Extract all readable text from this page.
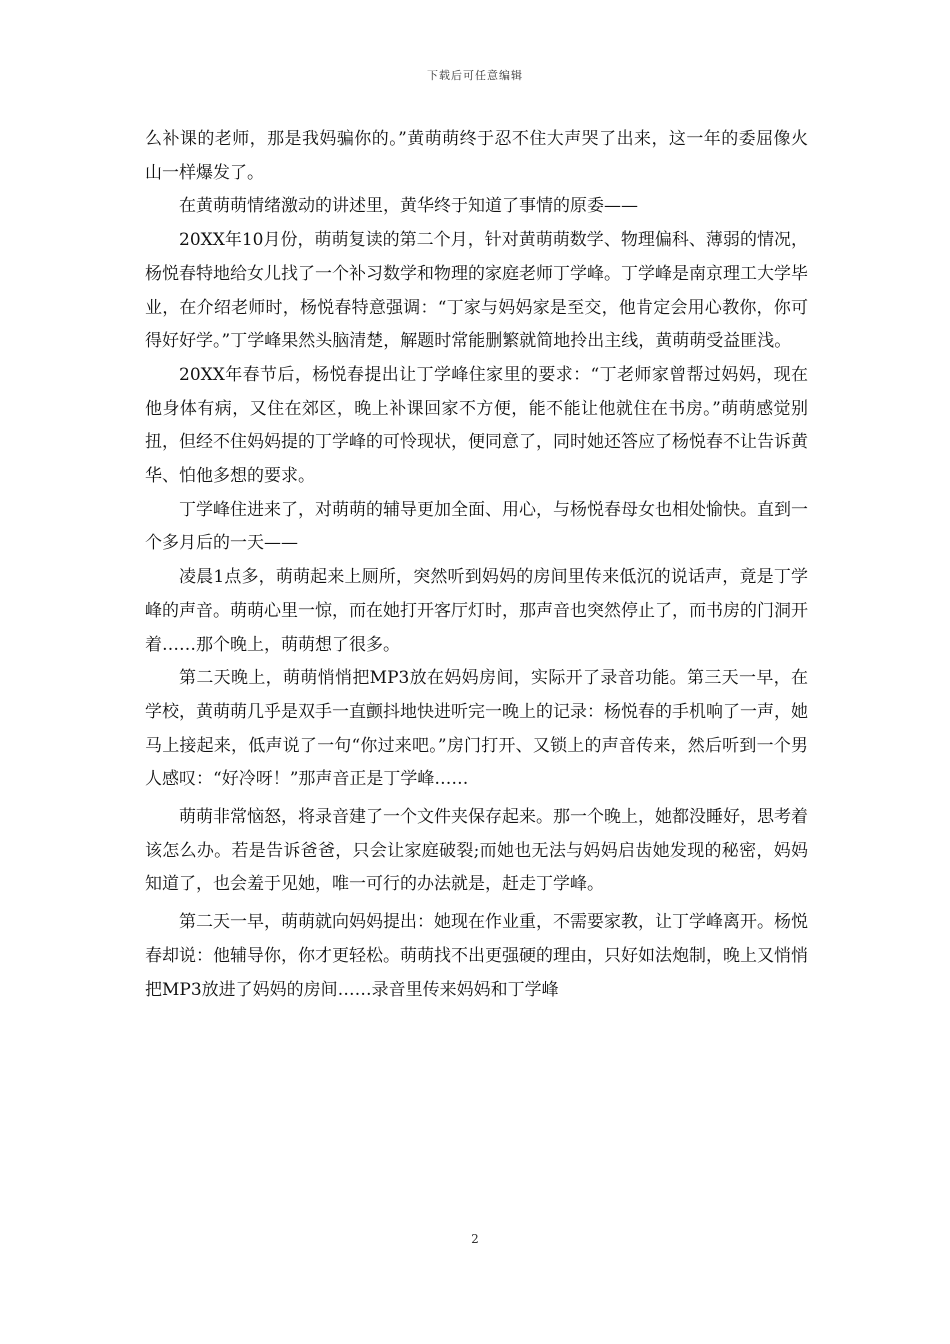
下载后可任意编辑

么补课的老师，那是我妈骗你的。”黄萌萌终于忍不住大声哭了出来，这一年的委屈像火山一样爆发了。

在黄萌萌情绪激动的讲述里，黄华终于知道了事情的原委——

20XX年10月份，萌萌复读的第二个月，针对黄萌萌数学、物理偏科、薄弱的情况，杨悦春特地给女儿找了一个补习数学和物理的家庭老师丁学峰。丁学峰是南京理工大学毕业，在介绍老师时，杨悦春特意强调：“丁家与妈妈家是至交，他肯定会用心教你，你可得好好学。”丁学峰果然头脑清楚，解题时常能删繁就简地拎出主线，黄萌萌受益匪浅。

20XX年春节后，杨悦春提出让丁学峰住家里的要求：“丁老师家曾帮过妈妈，现在他身体有病，又住在郊区，晚上补课回家不方便，能不能让他就住在书房。”萌萌感觉别扭，但经不住妈妈提的丁学峰的可怜现状，便同意了，同时她还答应了杨悦春不让告诉黄华、怕他多想的要求。

丁学峰住进来了，对萌萌的辅导更加全面、用心，与杨悦春母女也相处愉快。直到一个多月后的一天——

凌晨1点多，萌萌起来上厕所，突然听到妈妈的房间里传来低沉的说话声，竟是丁学峰的声音。萌萌心里一惊，而在她打开客厅灯时，那声音也突然停止了，而书房的门洞开着……那个晚上，萌萌想了很多。

第二天晚上，萌萌悄悄把MP3放在妈妈房间，实际开了录音功能。第三天一早，在学校，黄萌萌几乎是双手一直颤抖地快进听完一晚上的记录：杨悦春的手机响了一声，她马上接起来，低声说了一句“你过来吧。”房门打开、又锁上的声音传来，然后听到一个男人感叹：“好冷呀！”那声音正是丁学峰……

萌萌非常恼怒，将录音建了一个文件夹保存起来。那一个晚上，她都没睡好，思考着该怎么办。若是告诉爸爸，只会让家庭破裂;而她也无法与妈妈启齿她发现的秘密，妈妈知道了，也会羞于见她，唯一可行的办法就是，赶走丁学峰。

第二天一早，萌萌就向妈妈提出：她现在作业重，不需要家教，让丁学峰离开。杨悦春却说：他辅导你，你才更轻松。萌萌找不出更强硬的理由，只好如法炮制，晚上又悄悄把MP3放进了妈妈的房间……录音里传来妈妈和丁学峰

2
